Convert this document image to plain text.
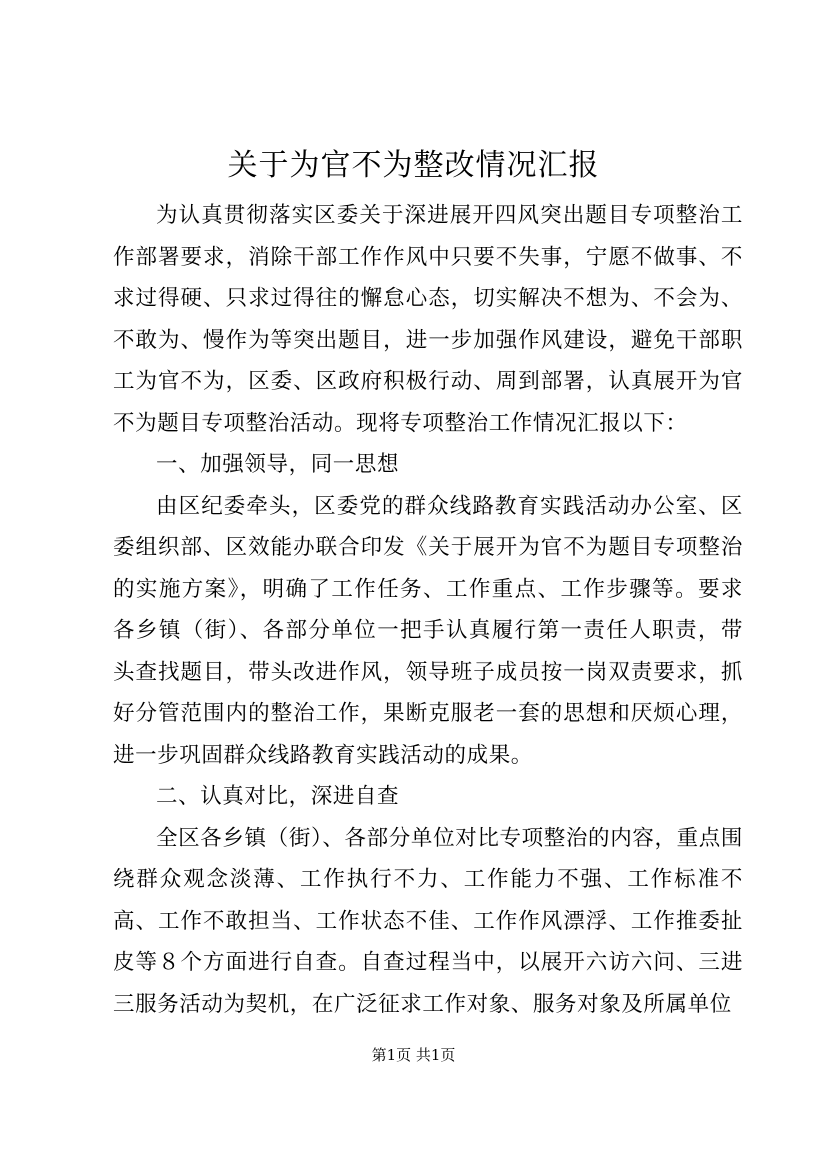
关于为官不为整改情况汇报

为认真贯彻落实区委关于深进展开四风突出题目专项整治工作部署要求，消除干部工作作风中只要不失事，宁愿不做事、不求过得硬、只求过得往的懈怠心态，切实解决不想为、不会为、不敢为、慢作为等突出题目，进一步加强作风建设，避免干部职工为官不为，区委、区政府积极行动、周到部署，认真展开为官不为题目专项整治活动。现将专项整治工作情况汇报以下：

一、加强领导，同一思想

由区纪委牵头，区委党的群众线路教育实践活动办公室、区委组织部、区效能办联合印发《关于展开为官不为题目专项整治的实施方案》，明确了工作任务、工作重点、工作步骤等。要求各乡镇（街）、各部分单位一把手认真履行第一责任人职责，带头查找题目，带头改进作风，领导班子成员按一岗双责要求，抓好分管范围内的整治工作，果断克服老一套的思想和厌烦心理，进一步巩固群众线路教育实践活动的成果。

二、认真对比，深进自查

全区各乡镇（街）、各部分单位对比专项整治的内容，重点围绕群众观念淡薄、工作执行不力、工作能力不强、工作标准不高、工作不敢担当、工作状态不佳、工作作风漂浮、工作推委扯皮等８个方面进行自查。自查过程当中，以展开六访六问、三进三服务活动为契机，在广泛征求工作对象、服务对象及所属单位

第1页 共1页
